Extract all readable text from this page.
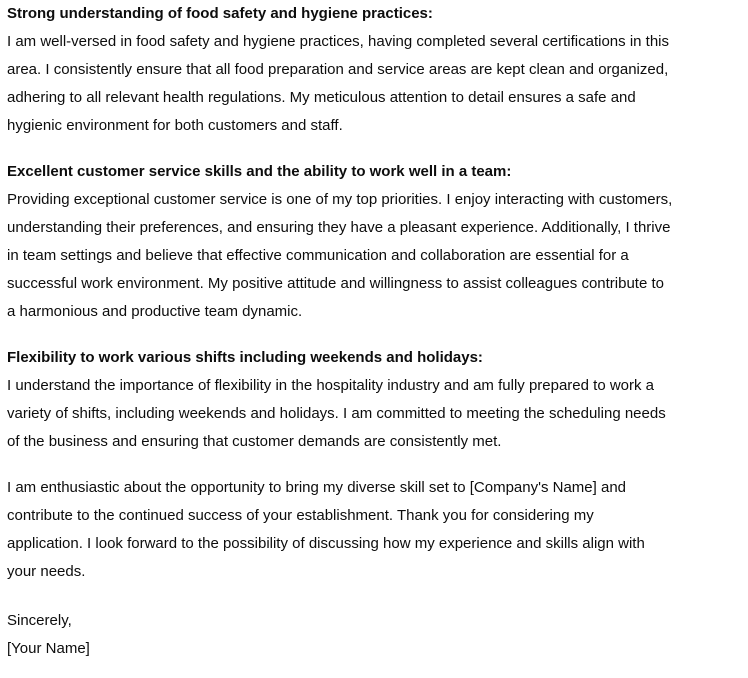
Strong understanding of food safety and hygiene practices:
I am well-versed in food safety and hygiene practices, having completed several certifications in this
area. I consistently ensure that all food preparation and service areas are kept clean and organized,
adhering to all relevant health regulations. My meticulous attention to detail ensures a safe and
hygienic environment for both customers and staff.
Excellent customer service skills and the ability to work well in a team:
Providing exceptional customer service is one of my top priorities. I enjoy interacting with customers,
understanding their preferences, and ensuring they have a pleasant experience. Additionally, I thrive
in team settings and believe that effective communication and collaboration are essential for a
successful work environment. My positive attitude and willingness to assist colleagues contribute to
a harmonious and productive team dynamic.
Flexibility to work various shifts including weekends and holidays:
I understand the importance of flexibility in the hospitality industry and am fully prepared to work a
variety of shifts, including weekends and holidays. I am committed to meeting the scheduling needs
of the business and ensuring that customer demands are consistently met.
I am enthusiastic about the opportunity to bring my diverse skill set to [Company's Name] and
contribute to the continued success of your establishment. Thank you for considering my
application. I look forward to the possibility of discussing how my experience and skills align with
your needs.
Sincerely,
[Your Name]
